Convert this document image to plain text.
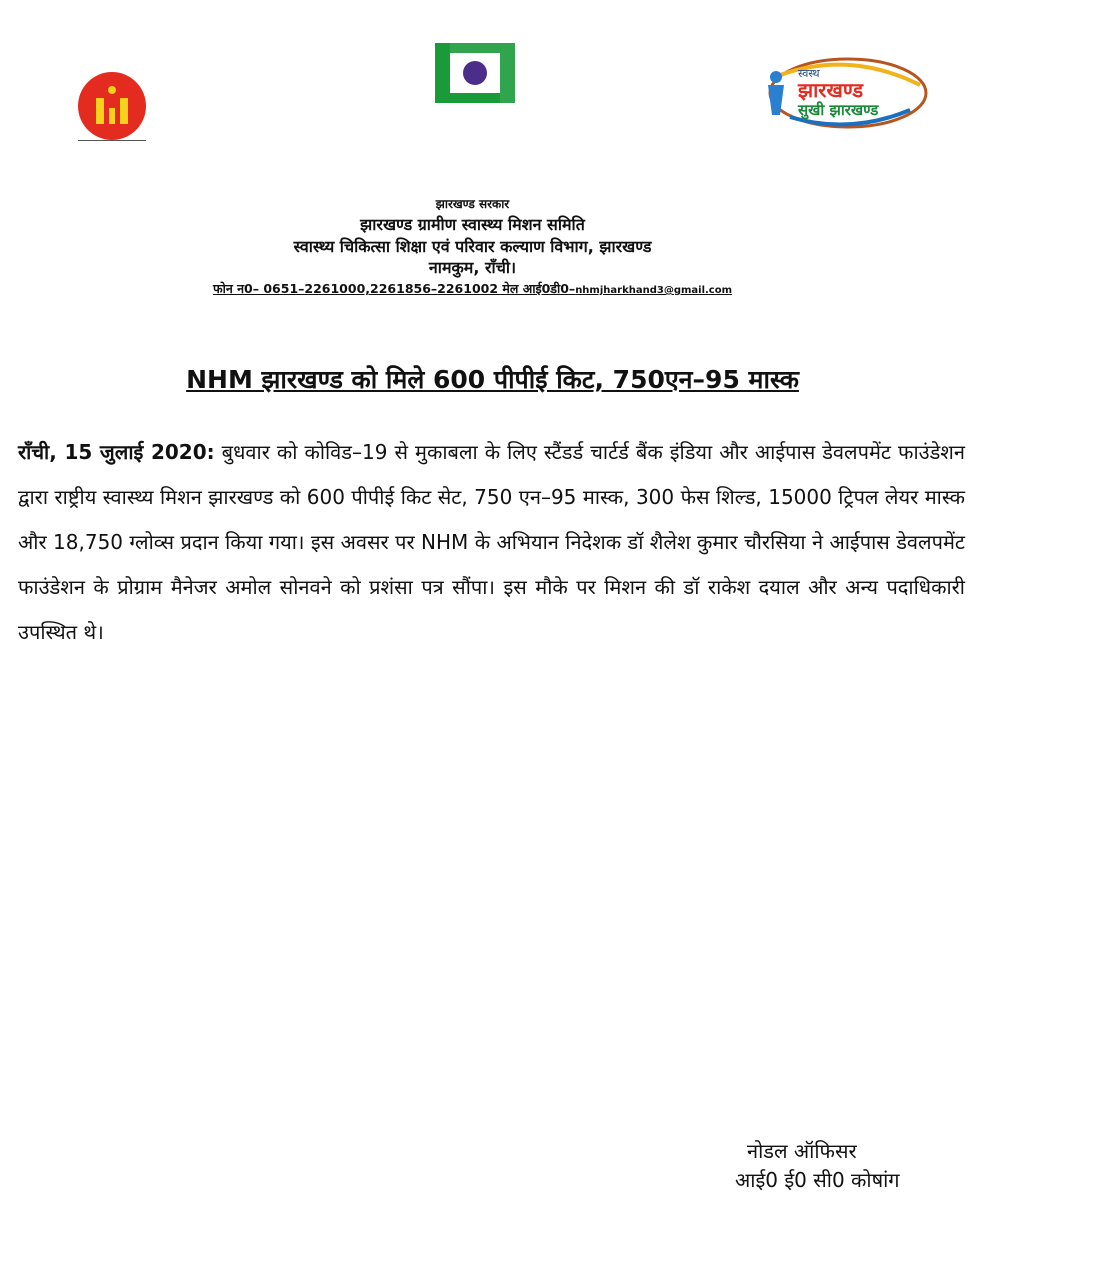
स्वस्थ
झारखण्ड
सुखी झारखण्ड
झारखण्ड सरकार
झारखण्ड ग्रामीण स्वास्थ्य मिशन समिति
स्वास्थ्य चिकित्सा शिक्षा एवं परिवार कल्याण विभाग, झारखण्ड
नामकुम, राँची।
फोन न0– 0651–2261000,2261856–2261002 मेल आई0डी0–nhmjharkhand3@gmail.com
NHM झारखण्ड को मिले 600 पीपीई किट, 750एन–95 मास्क
राँची, 15 जुलाई 2020: बुधवार को कोविड–19 से मुकाबला के लिए स्टैंडर्ड चार्टर्ड बैंक इंडिया और आईपास डेवलपमेंट फाउंडेशन द्वारा राष्ट्रीय स्वास्थ्य मिशन झारखण्ड को 600 पीपीई किट सेट, 750 एन–95 मास्क, 300 फेस शिल्ड, 15000 ट्रिपल लेयर मास्क और 18,750 ग्लोव्स प्रदान किया गया। इस अवसर पर NHM के अभियान निदेशक डॉ शैलेश कुमार चौरसिया ने आईपास डेवलपमेंट फाउंडेशन के प्रोग्राम मैनेजर अमोल सोनवने को प्रशंसा पत्र सौंपा। इस मौके पर मिशन की डॉ राकेश दयाल और अन्य पदाधिकारी उपस्थित थे।
नोडल ऑफिसर
आई0 ई0 सी0 कोषांग
